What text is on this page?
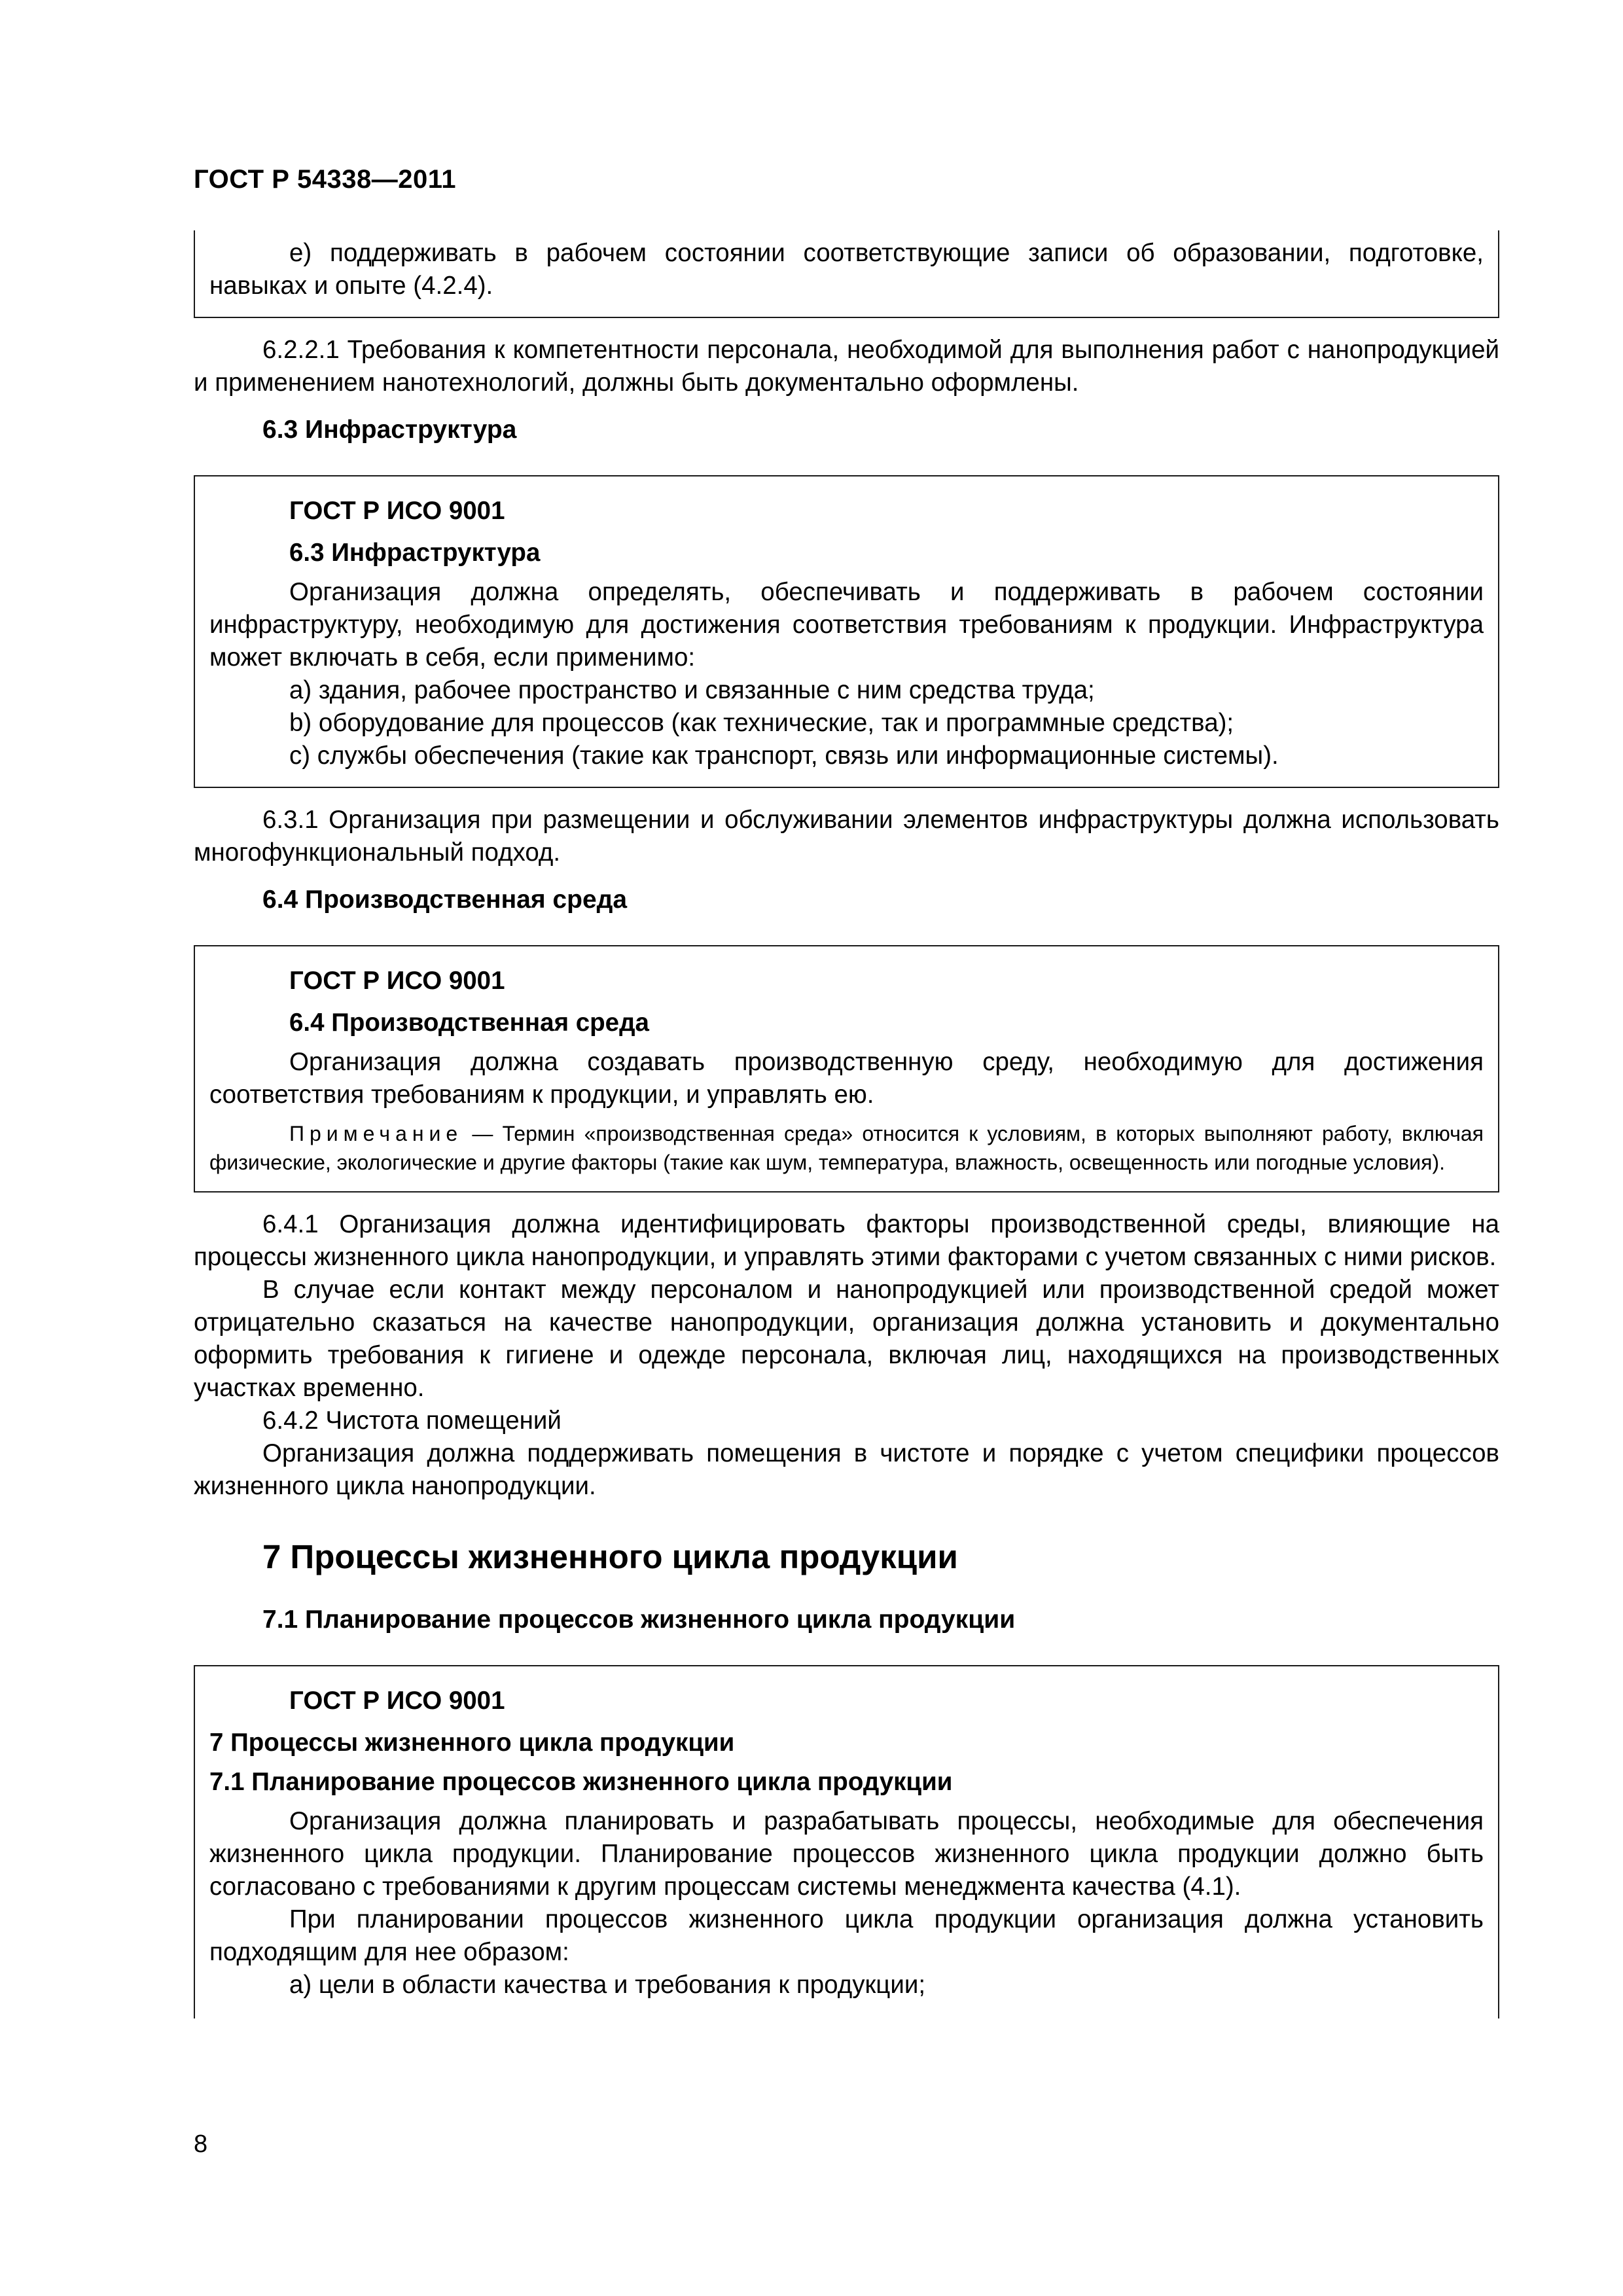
ГОСТ Р 54338—2011

e) поддерживать в рабочем состоянии соответствующие записи об образовании, подготовке, навыках и опыте (4.2.4).

6.2.2.1 Требования к компетентности персонала, необходимой для выполнения работ с нанопродукцией и применением нанотехнологий, должны быть документально оформлены.

6.3 Инфраструктура
ГОСТ Р ИСО 9001
6.3 Инфраструктура

Организация должна определять, обеспечивать и поддерживать в рабочем состоянии инфраструктуру, необходимую для достижения соответствия требованиям к продукции. Инфраструктура может включать в себя, если применимо:

а) здания, рабочее пространство и связанные с ним средства труда;

b) оборудование для процессов (как технические, так и программные средства);

c) службы обеспечения (такие как транспорт, связь или информационные системы).

6.3.1 Организация при размещении и обслуживании элементов инфраструктуры должна использовать многофункциональный подход.

6.4 Производственная среда
ГОСТ Р ИСО 9001
6.4 Производственная среда

Организация должна создавать производственную среду, необходимую для достижения соответствия требованиям к продукции, и управлять ею.

Примечание — Термин «производственная среда» относится к условиям, в которых выполняют работу, включая физические, экологические и другие факторы (такие как шум, температура, влажность, освещенность или погодные условия).

6.4.1 Организация должна идентифицировать факторы производственной среды, влияющие на процессы жизненного цикла нанопродукции, и управлять этими факторами с учетом связанных с ними рисков.

В случае если контакт между персоналом и нанопродукцией или производственной средой может отрицательно сказаться на качестве нанопродукции, организация должна установить и документально оформить требования к гигиене и одежде персонала, включая лиц, находящихся на производственных участках временно.

6.4.2 Чистота помещений

Организация должна поддерживать помещения в чистоте и порядке с учетом специфики процессов жизненного цикла нанопродукции.

7 Процессы жизненного цикла продукции
7.1 Планирование процессов жизненного цикла продукции
ГОСТ Р ИСО 9001
7 Процессы жизненного цикла продукции
7.1 Планирование процессов жизненного цикла продукции

Организация должна планировать и разрабатывать процессы, необходимые для обеспечения жизненного цикла продукции. Планирование процессов жизненного цикла продукции должно быть согласовано с требованиями к другим процессам системы менеджмента качества (4.1).

При планировании процессов жизненного цикла продукции организация должна установить подходящим для нее образом:

а) цели в области качества и требования к продукции;

8
